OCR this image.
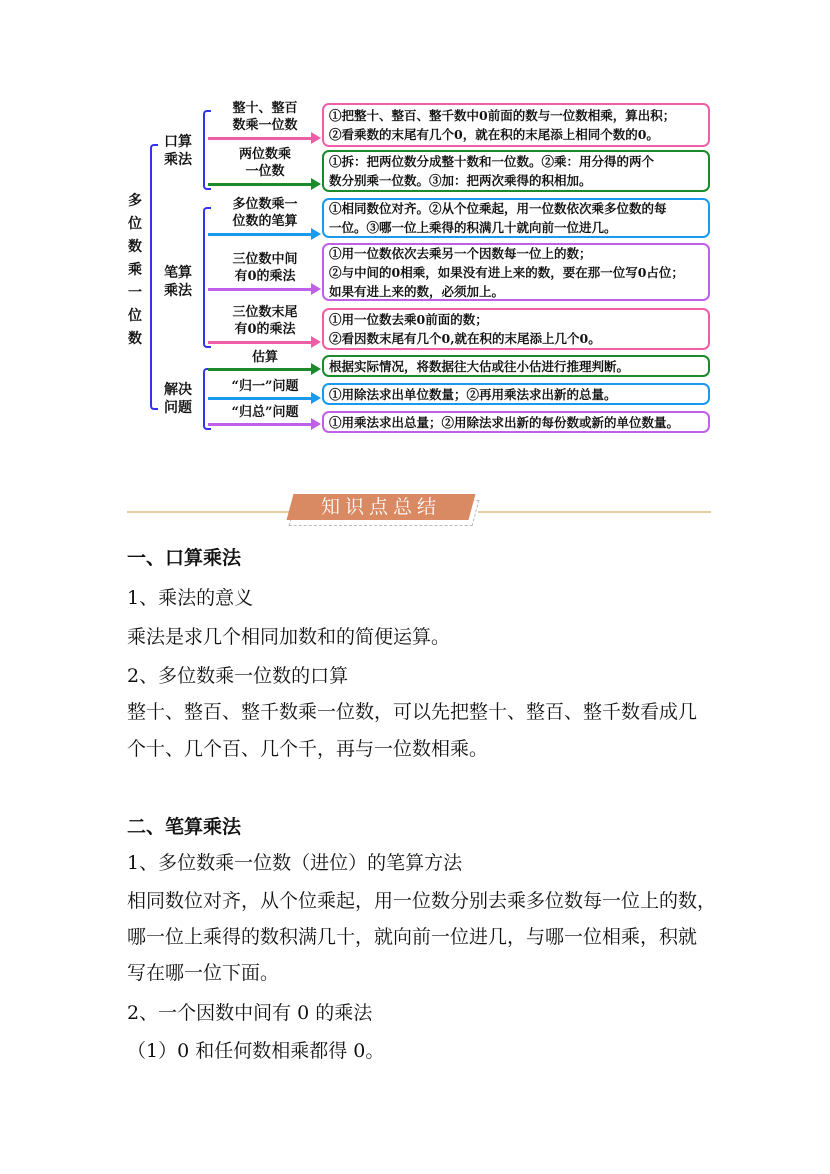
多
位
数
乘
一
位
数
口算乘法
笔算乘法
解决问题
整十、整百
数乘一位数
①把整十、整百、整千数中0前面的数与一位数相乘，算出积；
②看乘数的末尾有几个0，就在积的末尾添上相同个数的0。
两位数乘
一位数
①拆：把两位数分成整十数和一位数。②乘：用分得的两个
数分别乘一位数。③加：把两次乘得的积相加。
多位数乘一
位数的笔算
①相同数位对齐。②从个位乘起，用一位数依次乘多位数的每
一位。③哪一位上乘得的积满几十就向前一位进几。
三位数中间
有0的乘法
①用一位数依次去乘另一个因数每一位上的数；
②与中间的0相乘，如果没有进上来的数，要在那一位写0占位；
如果有进上来的数，必须加上。
三位数末尾
有0的乘法
①用一位数去乘0前面的数；
②看因数末尾有几个0,就在积的末尾添上几个0。
估算
根据实际情况，将数据往大估或往小估进行推理判断。
“归一”问题	①用除法求出单位数量；②再用乘法求出新的总量。
“归总”问题
①用乘法求出总量；②用除法求出新的每份数或新的单位数量。
知识点总结
一、口算乘法
1、乘法的意义
乘法是求几个相同加数和的简便运算。
2、多位数乘一位数的口算
整十、整百、整千数乘一位数，可以先把整十、整百、整千数看成几
个十、几个百、几个千，再与一位数相乘。
二、笔算乘法
1、多位数乘一位数（进位）的笔算方法
相同数位对齐，从个位乘起，用一位数分别去乘多位数每一位上的数，
哪一位上乘得的数积满几十，就向前一位进几，与哪一位相乘，积就
写在哪一位下面。
2、一个因数中间有 0 的乘法
（1）0 和任何数相乘都得 0。
